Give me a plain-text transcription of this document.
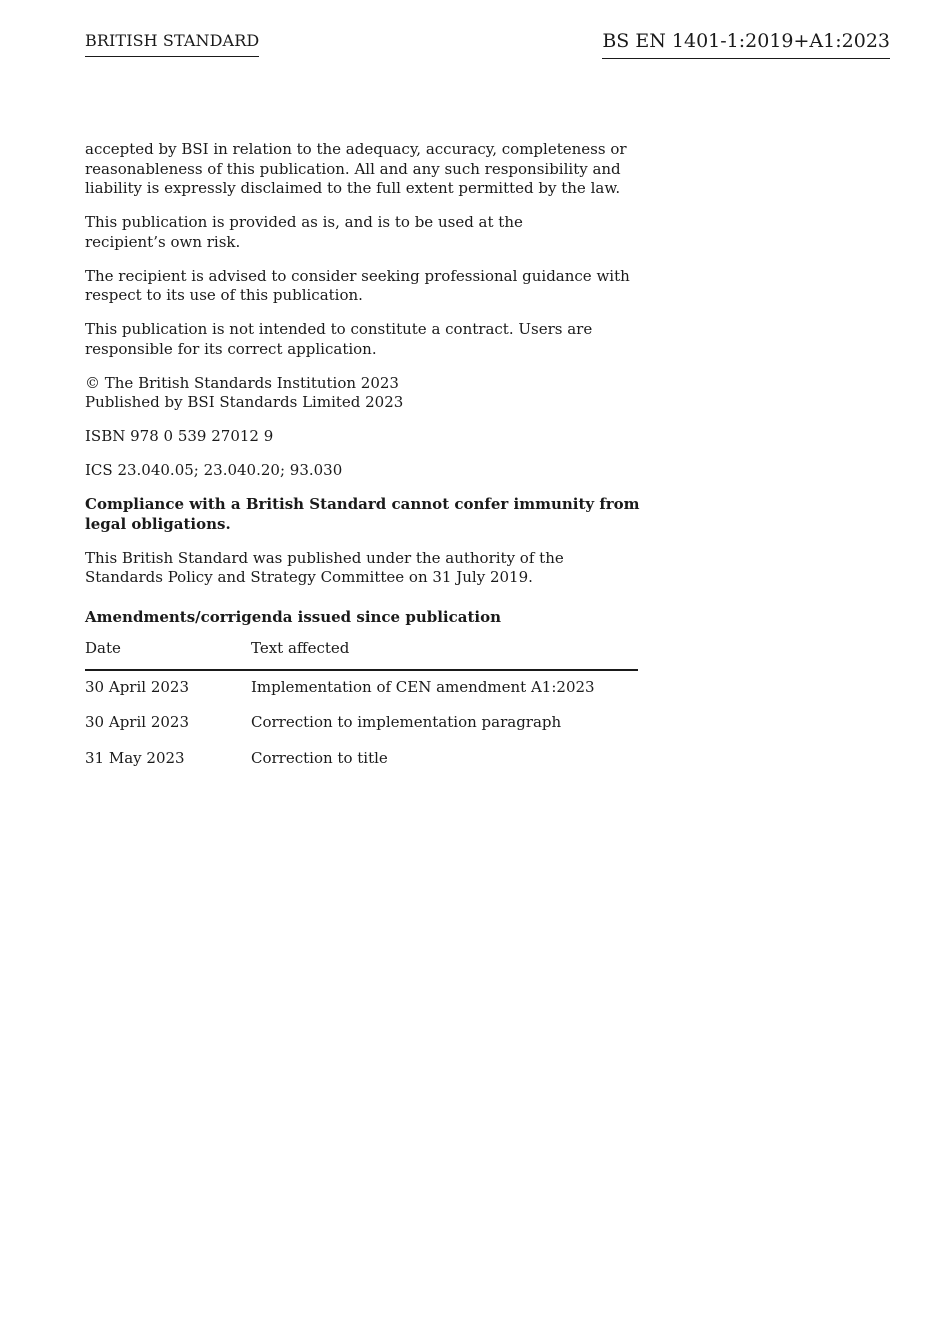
BRITISH STANDARD	BS EN 1401-1:2019+A1:2023

accepted by BSI in relation to the adequacy, accuracy, completeness or
reasonableness of this publication. All and any such responsibility and
liability is expressly disclaimed to the full extent permitted by the law.

This publication is provided as is, and is to be used at the
recipient’s own risk.

The recipient is advised to consider seeking professional guidance with
respect to its use of this publication.

This publication is not intended to constitute a contract. Users are
responsible for its correct application.

© The British Standards Institution 2023
Published by BSI Standards Limited 2023

ISBN 978 0 539 27012 9

ICS 23.040.05; 23.040.20; 93.030

Compliance with a British Standard cannot confer immunity from
legal obligations.

This British Standard was published under the authority of the
Standards Policy and Strategy Committee on 31 July 2019.

Amendments/corrigenda issued since publication
Date	Text affected
30 April 2023	Implementation of CEN amendment A1:2023
30 April 2023	Correction to implementation paragraph
31 May 2023	Correction to title
